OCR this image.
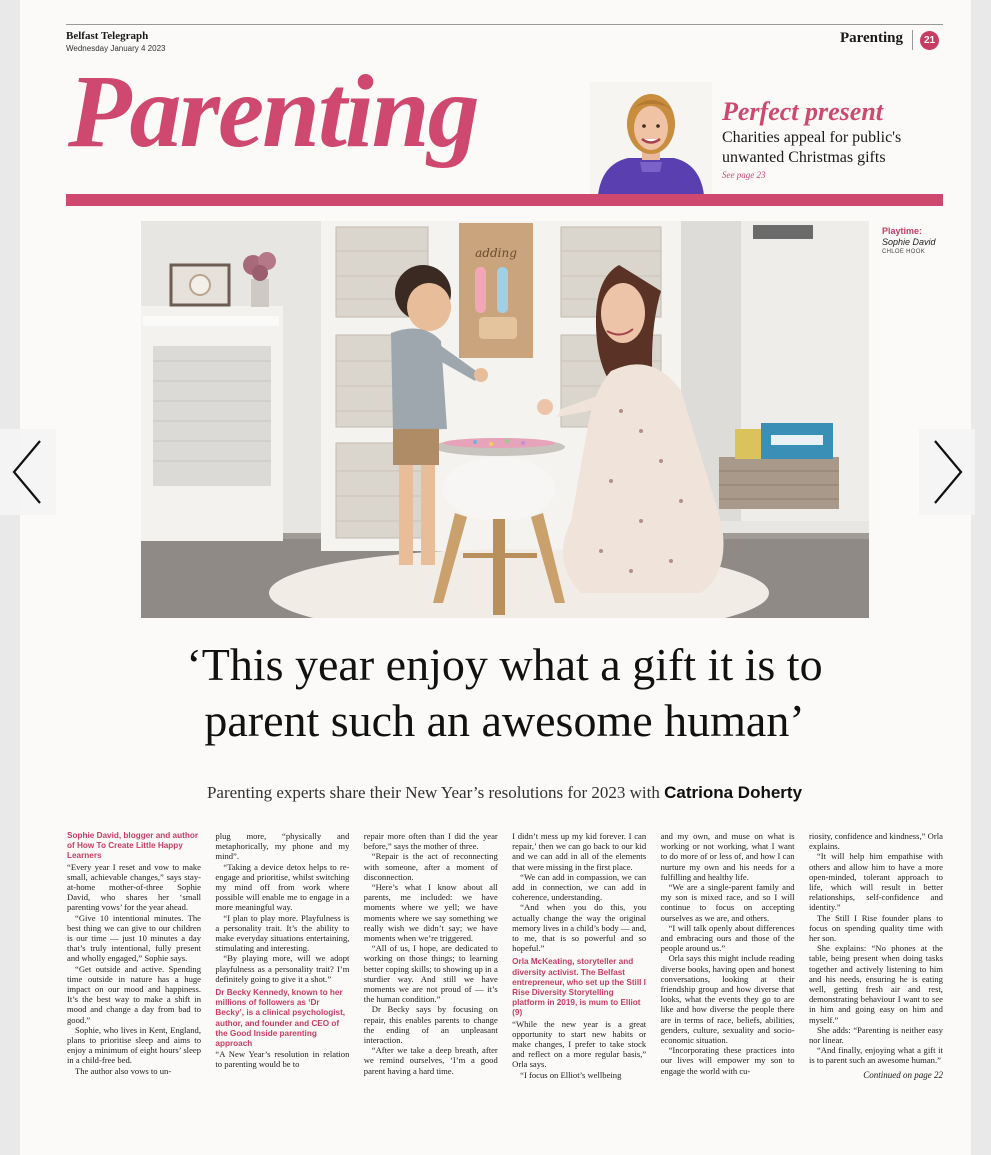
Belfast Telegraph
Wednesday January 4 2023
Parenting	21
Parenting	Perfect present
Charities appeal for public's unwanted Christmas gifts
See page 23
adding
Playtime:
Sophie David
CHLOE HOOK
‘This year enjoy what a gift it is to
parent such an awesome human’
Parenting experts share their New Year’s resolutions for 2023 with Catriona Doherty
Sophie David, blogger and author of How To Create Little Happy Learners

“Every year I reset and vow to make small, achievable changes,” says stay-at-home mother-of-three Sophie David, who shares her ‘small parenting vows’ for the year ahead.

“Give 10 intentional minutes. The best thing we can give to our children is our time — just 10 minutes a day that’s truly intentional, fully present and wholly engaged,” Sophie says.

“Get outside and active. Spending time outside in nature has a huge impact on our mood and happiness. It’s the best way to make a shift in mood and change a day from bad to good.”

Sophie, who lives in Kent, England, plans to prioritise sleep and aims to enjoy a minimum of eight hours’ sleep in a child-free bed.

The author also vows to un-

plug more, “physically and metaphorically, my phone and my mind”.

“Taking a device detox helps to re-engage and prioritise, whilst switching my mind off from work where possible will enable me to engage in a more meaningful way.

“I plan to play more. Playfulness is a personality trait. It’s the ability to make everyday situations entertaining, stimulating and interesting.

“By playing more, will we adopt playfulness as a personality trait? I’m definitely going to give it a shot.”

Dr Becky Kennedy, known to her millions of followers as ‘Dr Becky’, is a clinical psychologist, author, and founder and CEO of the Good Inside parenting approach

“A New Year’s resolution in relation to parenting would be to

repair more often than I did the year before,” says the mother of three.

“Repair is the act of reconnecting with someone, after a moment of disconnection.

“Here’s what I know about all parents, me included: we have moments where we yell; we have moments where we say something we really wish we didn’t say; we have moments when we’re triggered.

“All of us, I hope, are dedicated to working on those things; to learning better coping skills; to showing up in a sturdier way. And still we have moments we are not proud of — it’s the human condition.”

Dr Becky says by focusing on repair, this enables parents to change the ending of an unpleasant interaction.

“After we take a deep breath, after we remind ourselves, ‘I’m a good parent having a hard time.

I didn’t mess up my kid forever. I can repair,’ then we can go back to our kid and we can add in all of the elements that were missing in the first place.

“We can add in compassion, we can add in connection, we can add in coherence, understanding.

“And when you do this, you actually change the way the original memory lives in a child’s body — and, to me, that is so powerful and so hopeful.”

Orla McKeating, storyteller and diversity activist. The Belfast entrepreneur, who set up the Still I Rise Diversity Storytelling platform in 2019, is mum to Elliot (9)

“While the new year is a great opportunity to start new habits or make changes, I prefer to take stock and reflect on a more regular basis,” Orla says.

“I focus on Elliot’s wellbeing

and my own, and muse on what is working or not working, what I want to do more of or less of, and how I can nurture my own and his needs for a fulfilling and healthy life.

“We are a single-parent family and my son is mixed race, and so I will continue to focus on accepting ourselves as we are, and others.

“I will talk openly about differences and embracing ours and those of the people around us.”

Orla says this might include reading diverse books, having open and honest conversations, looking at their friendship group and how diverse that looks, what the events they go to are like and how diverse the people there are in terms of race, beliefs, abilities, genders, culture, sexuality and socio-economic situation.

“Incorporating these practices into our lives will empower my son to engage the world with cu-

riosity, confidence and kindness,” Orla explains.

“It will help him empathise with others and allow him to have a more open-minded, tolerant approach to life, which will result in better relationships, self-confidence and identity.”

The Still I Rise founder plans to focus on spending quality time with her son.

She explains: “No phones at the table, being present when doing tasks together and actively listening to him and his needs, ensuring he is eating well, getting fresh air and rest, demonstrating behaviour I want to see in him and going easy on him and myself.”

She adds: “Parenting is neither easy nor linear.

“And finally, enjoying what a gift it is to parent such an awesome human.”

Continued on page 22
